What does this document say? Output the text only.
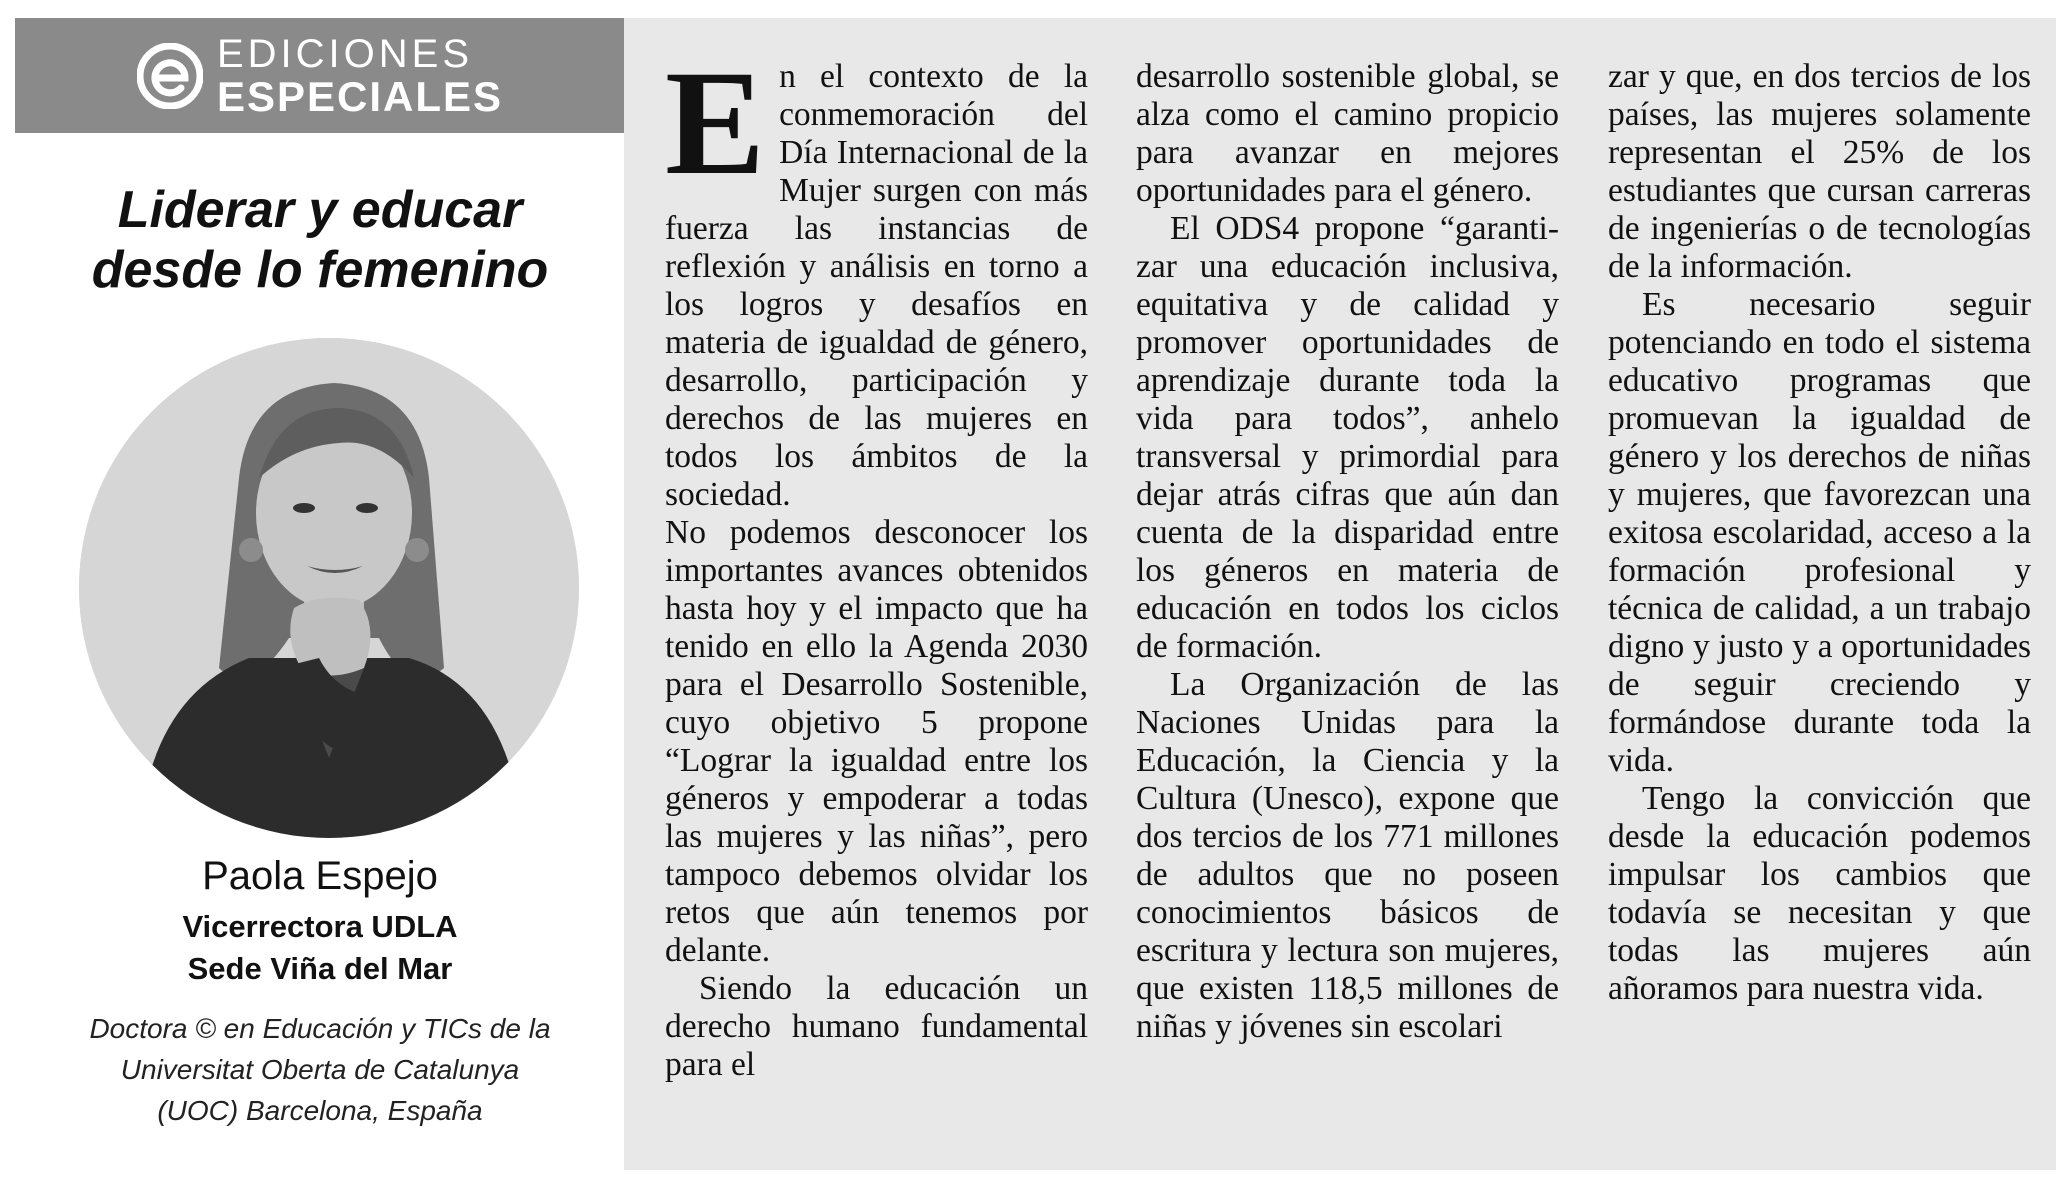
EDICIONES
ESPECIALES
Liderar y educar
desde lo femenino
Paola Espejo
Vicerrectora UDLA
Sede Viña del Mar
Doctora © en Educación y TICs de la
Universitat Oberta de Catalunya
(UOC) Barcelona, España

En el contexto de la conmemoración del Día Internacional de la Mujer surgen con más fuerza las instancias de reflexión y análisis en torno a los logros y desafíos en materia de igualdad de género, desarrollo, participación y derechos de las mujeres en todos los ámbitos de la sociedad.

No podemos desconocer los importantes avances obtenidos hasta hoy y el impacto que ha tenido en ello la Agenda 2030 para el Desarrollo Sostenible, cuyo objetivo 5 propone “Lograr la igualdad entre los géneros y empoderar a todas las mujeres y las niñas”, pero tampoco debemos olvidar los retos que aún tenemos por delante.

Siendo la educación un derecho humano fundamental para el

desarrollo sostenible global, se alza como el camino propicio para avanzar en mejores oportunidades para el género.

El ODS4 propone “garantizar una educación inclusiva, equitativa y de calidad y promover oportunidades de aprendizaje durante toda la vida para todos”, anhelo transversal y primordial para dejar atrás cifras que aún dan cuenta de la disparidad entre los géneros en materia de educación en todos los ciclos de formación.

La Organización de las Naciones Unidas para la Educación, la Ciencia y la Cultura (Unesco), expone que dos tercios de los 771 millones de adultos que no poseen conocimientos básicos de escritura y lectura son mujeres, que existen 118,5 millones de niñas y jóvenes sin escolari

zar y que, en dos tercios de los países, las mujeres solamente representan el 25% de los estudiantes que cursan carreras de ingenierías o de tecnologías de la información.

Es necesario seguir potenciando en todo el sistema educativo programas que promuevan la igualdad de género y los derechos de niñas y mujeres, que favorezcan una exitosa escolaridad, acceso a la formación profesional y técnica de calidad, a un trabajo digno y justo y a oportunidades de seguir creciendo y formándose durante toda la vida.

Tengo la convicción que desde la educación podemos impulsar los cambios que todavía se necesitan y que todas las mujeres aún añoramos para nuestra vida.
